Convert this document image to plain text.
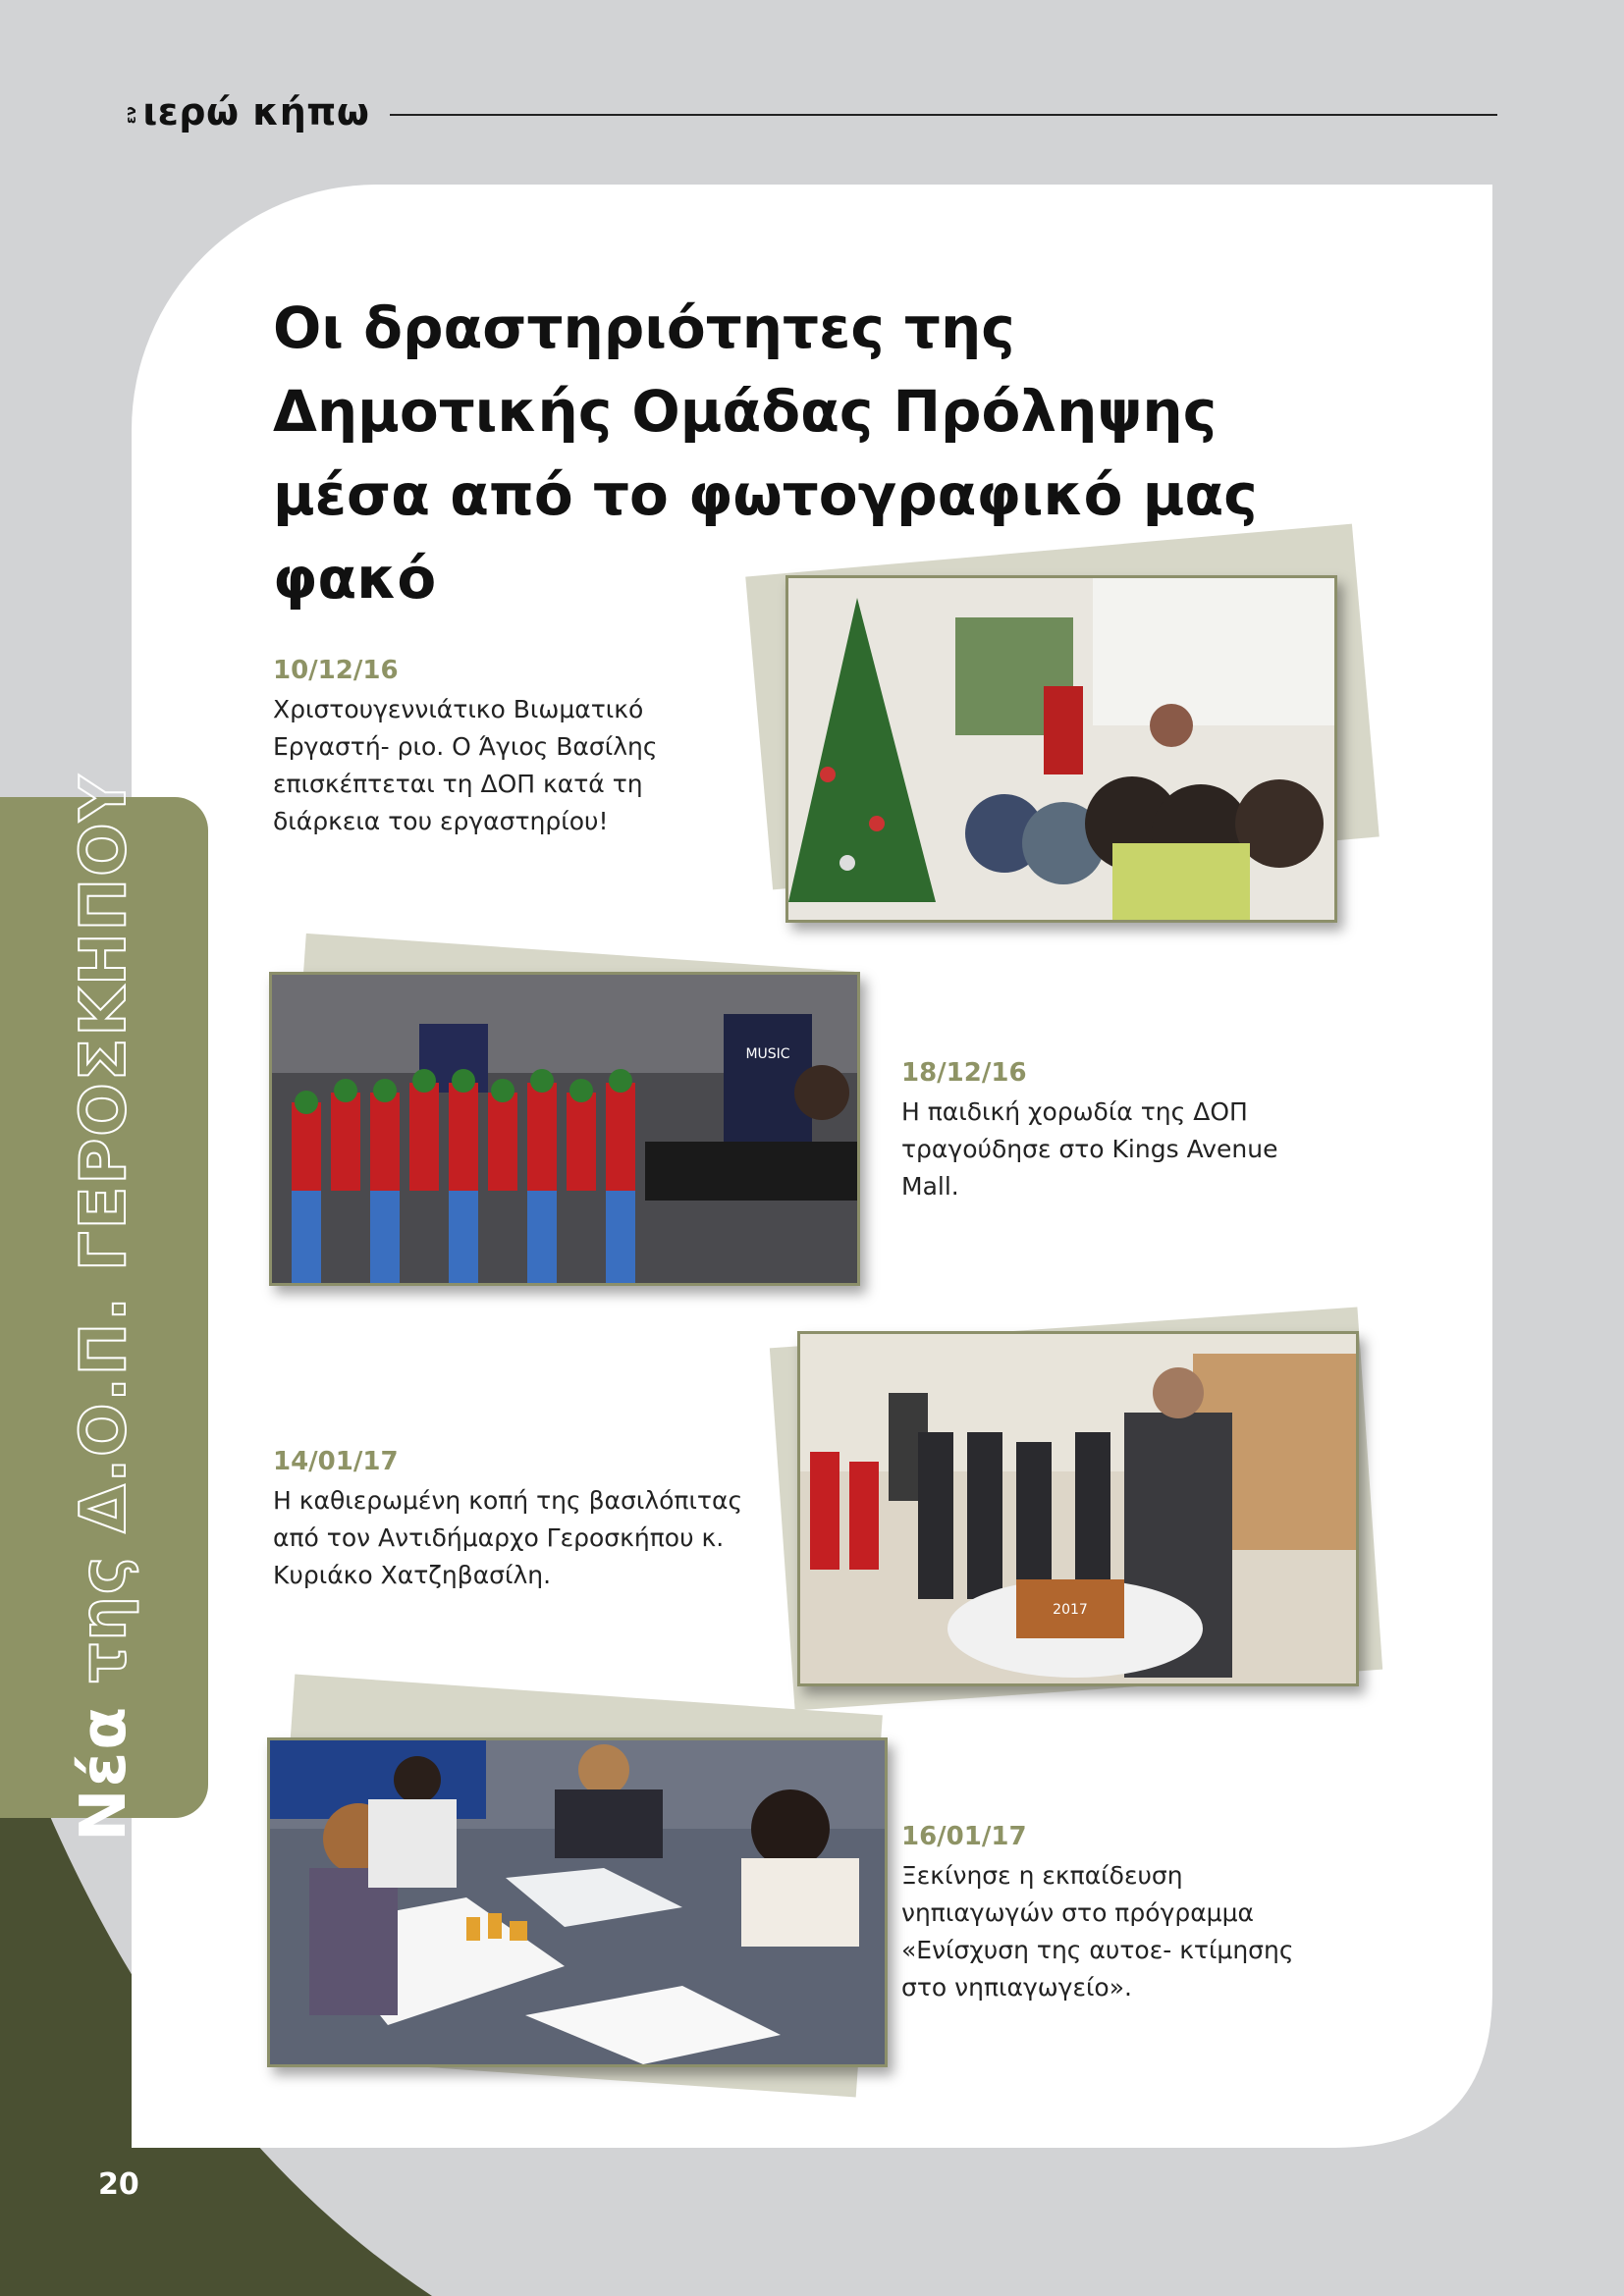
ενιερώ κήπω
Νέα της Δ.Ο.Π. ΓΕΡΟΣΚΗΠΟΥ
Οι δραστηριότητες της Δημοτικής Ομάδας Πρόληψης μέσα από το φωτογραφικό μας φακό
10/12/16
Χριστουγεννιάτικο Βιωματικό Εργαστή- ριο. Ο Άγιος Βασίλης επισκέπτεται τη ΔΟΠ κατά τη διάρκεια του εργαστηρίου!
MUSIC
18/12/16
Η παιδική χορωδία της ΔΟΠ τραγούδησε στο Kings Avenue Mall.
2017
14/01/17
Η καθιερωμένη κοπή της βασιλόπιτας από τον Αντιδήμαρχο Γεροσκήπου κ. Κυριάκο Χατζηβασίλη.
16/01/17
Ξεκίνησε η εκπαίδευση νηπιαγωγών στο πρόγραμμα «Ενίσχυση της αυτοε- κτίμησης στο νηπιαγωγείο».
20
